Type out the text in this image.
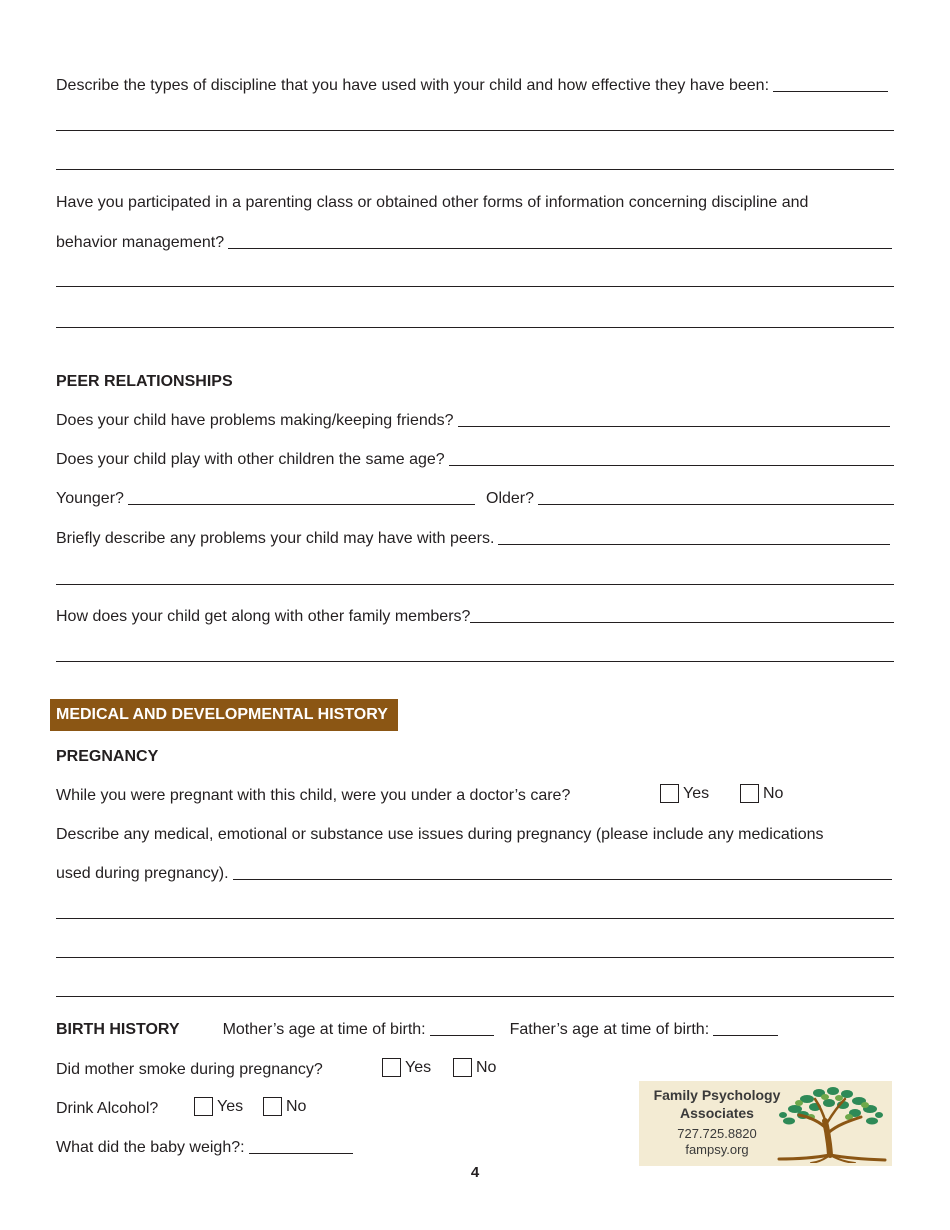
Describe the types of discipline that you have used with your child and how effective they have been:
Have you participated in a parenting class or obtained other forms of information concerning discipline and
behavior management?
PEER RELATIONSHIPS
Does your child have problems making/keeping friends?
Does your child play with other children the same age?
Younger?	Older?
Briefly describe any problems your child may have with peers.
How does your child get along with other family members?
MEDICAL AND DEVELOPMENTAL HISTORY
PREGNANCY
While you were pregnant with this child, were you under a doctor’s care?	Yes	No
Describe any medical, emotional or substance use issues during pregnancy (please include any medications
used during pregnancy).
BIRTH HISTORY	Mother’s age at time of birth:	Father’s age at time of birth:
Did mother smoke during pregnancy?	Yes	No
Drink Alcohol?	Yes	No
What did the baby weigh?:
Family Psychology
Associates
727.725.8820
fampsy.org
4
